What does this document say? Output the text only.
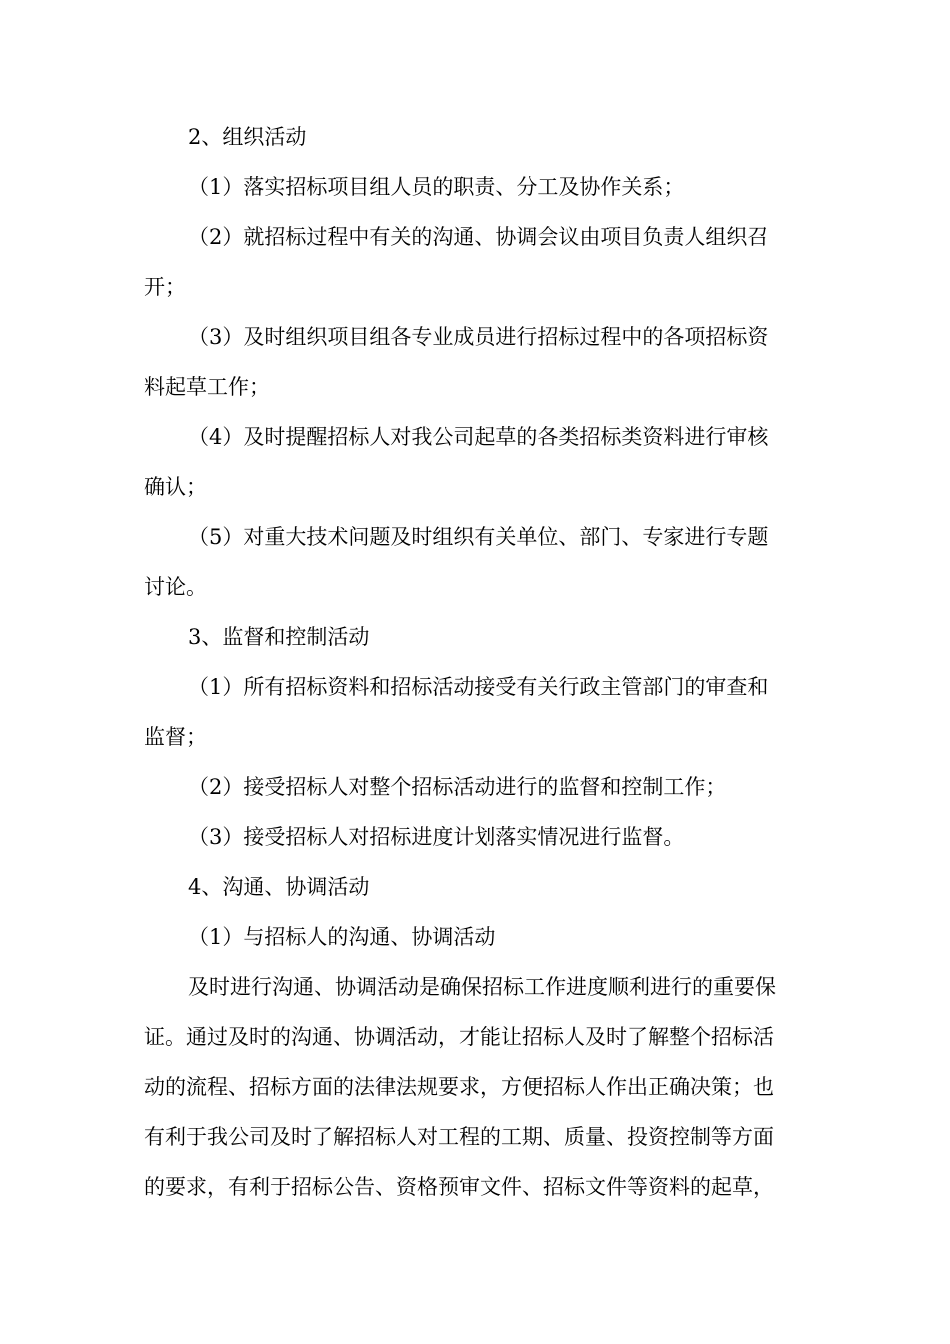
2、组织活动

（1）落实招标项目组人员的职责、分工及协作关系；

（2）就招标过程中有关的沟通、协调会议由项目负责人组织召

开；

（3）及时组织项目组各专业成员进行招标过程中的各项招标资

料起草工作；

（4）及时提醒招标人对我公司起草的各类招标类资料进行审核

确认；

（5）对重大技术问题及时组织有关单位、部门、专家进行专题

讨论。

3、监督和控制活动

（1）所有招标资料和招标活动接受有关行政主管部门的审查和

监督；

（2）接受招标人对整个招标活动进行的监督和控制工作；

（3）接受招标人对招标进度计划落实情况进行监督。

4、沟通、协调活动

（1）与招标人的沟通、协调活动

及时进行沟通、协调活动是确保招标工作进度顺利进行的重要保

证。通过及时的沟通、协调活动，才能让招标人及时了解整个招标活

动的流程、招标方面的法律法规要求，方便招标人作出正确决策；也

有利于我公司及时了解招标人对工程的工期、质量、投资控制等方面

的要求，有利于招标公告、资格预审文件、招标文件等资料的起草，
